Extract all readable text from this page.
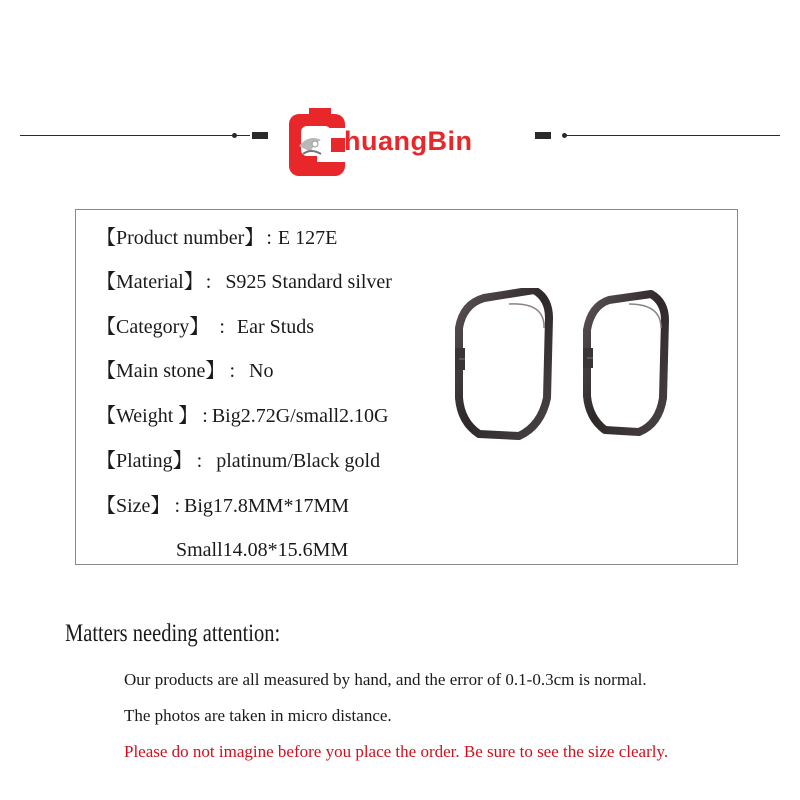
huangBin
【Product number】 : E 127E
【Material】 : S925 Standard silver
【Category】 : Ear Studs
【Main stone】 : No
【Weight 】 : Big2.72G/small2.10G
【Plating】 : platinum/Black gold
【Size】 : Big17.8MM*17MM
Small14.08*15.6MM
Matters needing attention:
Our products are all measured by hand, and the error of 0.1-0.3cm is normal.
The photos are taken in micro distance.
Please do not imagine before you place the order. Be sure to see the size clearly.
